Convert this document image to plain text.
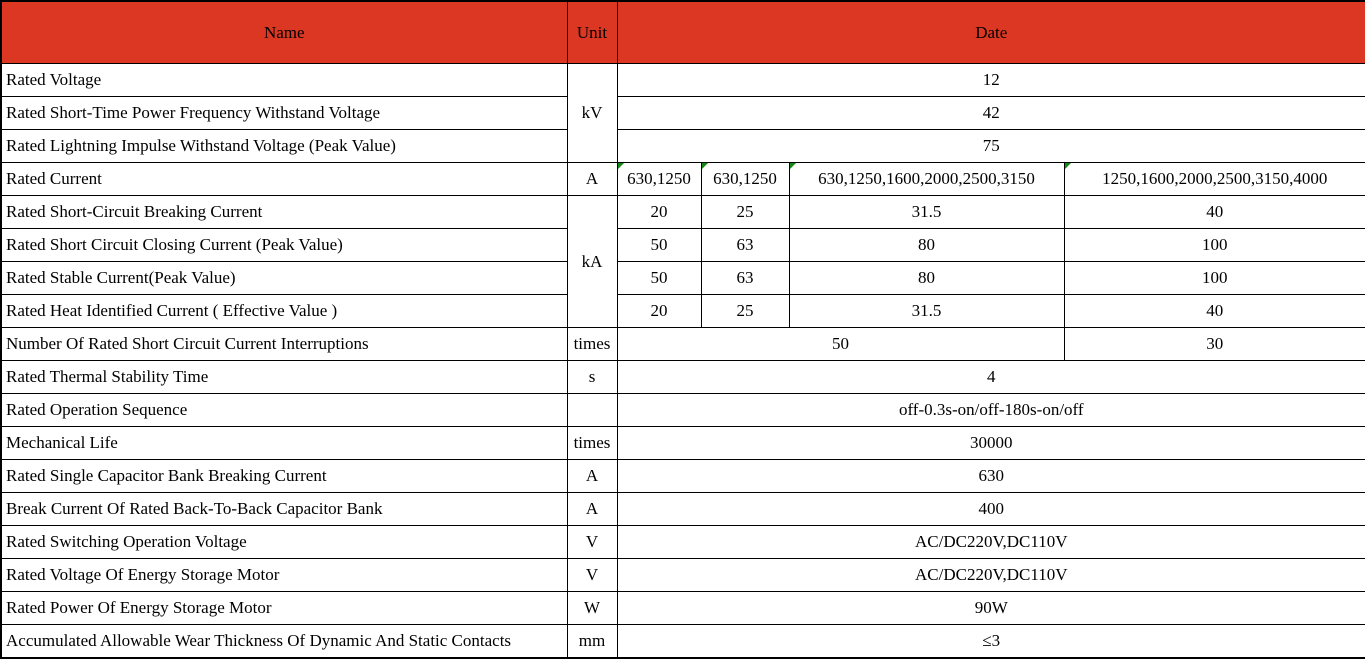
Name	Unit	Date			
Rated Voltage	kV	12			
Rated Short-Time Power Frequency Withstand Voltage		42			
Rated Lightning Impulse Withstand Voltage (Peak Value)		75			
Rated Current	A	630,1250	630,1250	630,1250,1600,2000,2500,3150	1250,1600,2000,2500,3150,4000

Rated Short-Circuit Breaking Current	kA	20	25	31.5	40
Rated Short Circuit Closing Current (Peak Value)		50	63	80	100
Rated Stable Current(Peak Value)		50	63	80	100
Rated Heat Identified Current ( Effective Value )		20	25	31.5	40
Number Of Rated Short Circuit Current Interruptions	times	50			30
Rated Thermal Stability Time	s	4			
Rated Operation Sequence		off-0.3s-on/off-180s-on/off			
Mechanical Life	times	30000			
Rated Single Capacitor Bank Breaking Current	A	630			
Break Current Of Rated Back-To-Back Capacitor Bank	A	400			
Rated Switching Operation Voltage	V	AC/DC220V,DC110V			
Rated Voltage Of Energy Storage Motor	V	AC/DC220V,DC110V			
Rated Power Of Energy Storage Motor	W	90W			
Accumulated Allowable Wear Thickness Of Dynamic And Static Contacts	mm	≤3			
